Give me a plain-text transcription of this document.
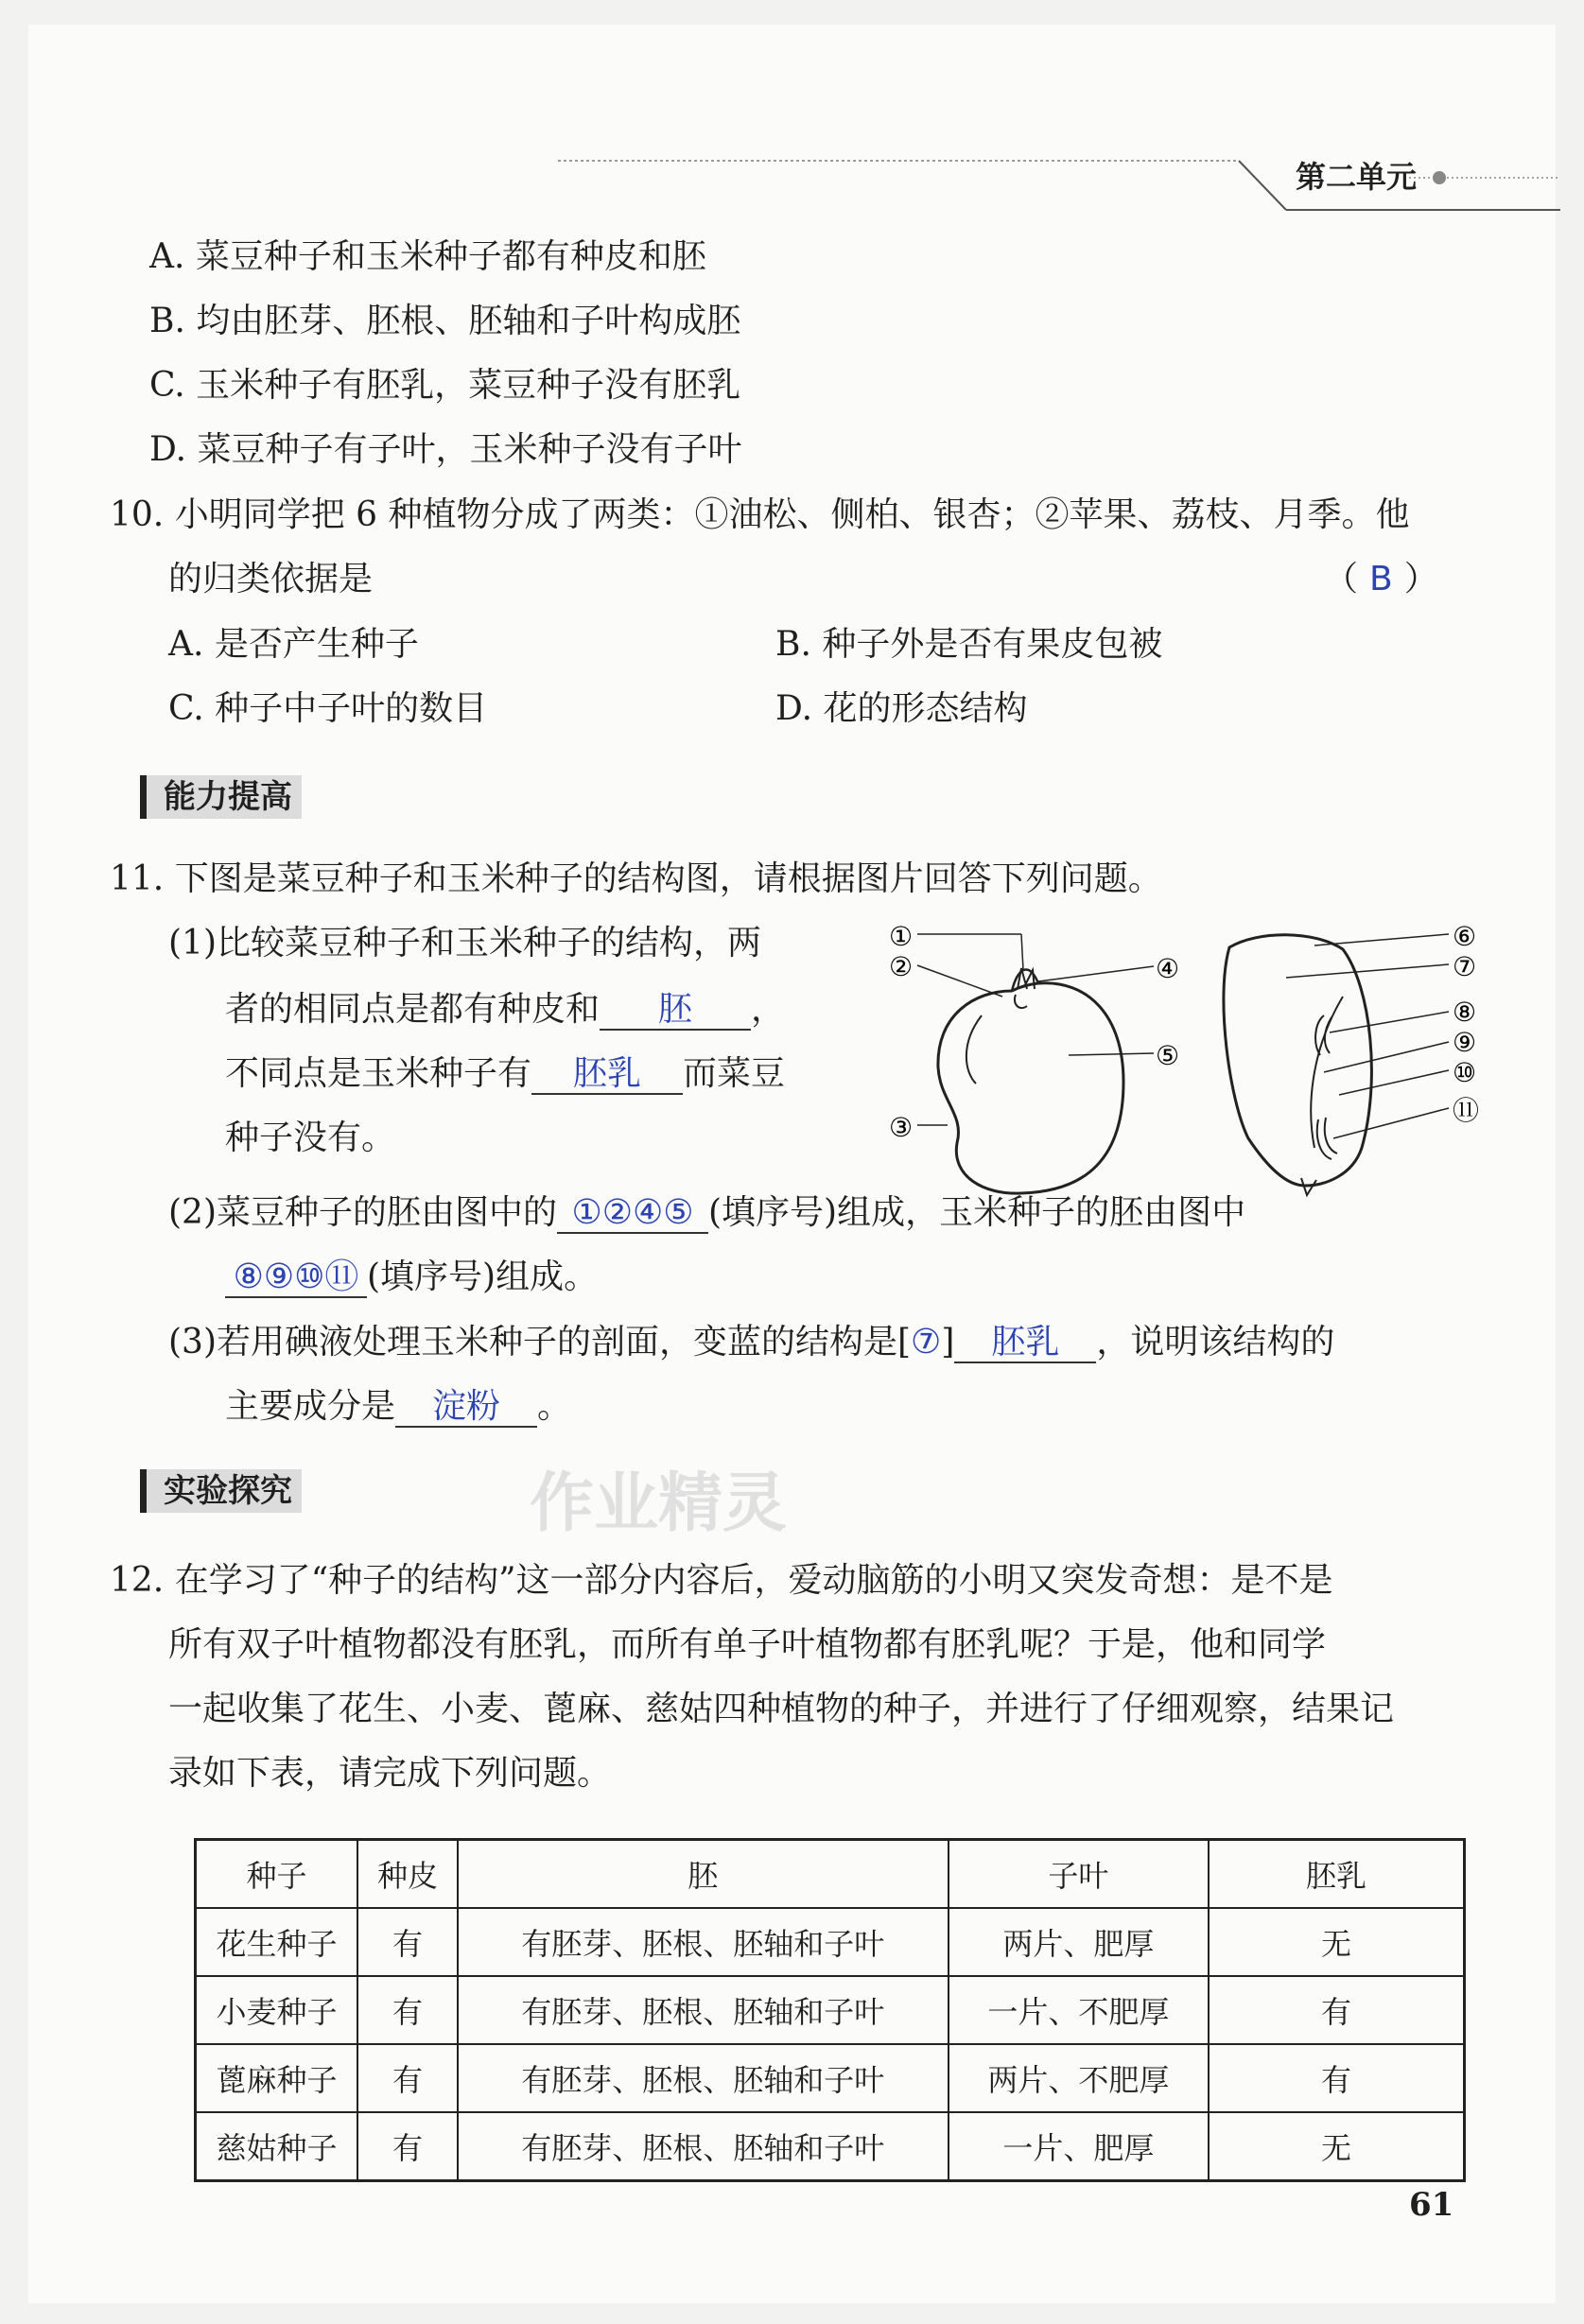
第二单元
A. 菜豆种子和玉米种子都有种皮和胚
B. 均由胚芽、胚根、胚轴和子叶构成胚
C. 玉米种子有胚乳，菜豆种子没有胚乳
D. 菜豆种子有子叶，玉米种子没有子叶
10. 小明同学把 6 种植物分成了两类：①油松、侧柏、银杏；②苹果、荔枝、月季。他
的归类依据是	（ B ）
A. 是否产生种子	B. 种子外是否有果皮包被
C. 种子中子叶的数目	D. 花的形态结构
能力提高
11. 下图是菜豆种子和玉米种子的结构图，请根据图片回答下列问题。
(1)比较菜豆种子和玉米种子的结构，两
者的相同点是都有种皮和 胚 ，
不同点是玉米种子有 胚乳 而菜豆
种子没有。
①
②
③
④
⑤
⑥
⑦
⑧
⑨
⑩
⑪
(2)菜豆种子的胚由图中的 ①②④⑤ (填序号)组成，玉米种子的胚由图中
⑧⑨⑩⑪ (填序号)组成。
(3)若用碘液处理玉米种子的剖面，变蓝的结构是[⑦] 胚乳 ，说明该结构的
主要成分是 淀粉 。
实验探究	作业精灵
12. 在学习了“种子的结构”这一部分内容后，爱动脑筋的小明又突发奇想：是不是
所有双子叶植物都没有胚乳，而所有单子叶植物都有胚乳呢？于是，他和同学
一起收集了花生、小麦、蓖麻、慈姑四种植物的种子，并进行了仔细观察，结果记
录如下表，请完成下列问题。
种子	种皮	胚	子叶	胚乳
花生种子	有	有胚芽、胚根、胚轴和子叶	两片、肥厚	无
小麦种子	有	有胚芽、胚根、胚轴和子叶	一片、不肥厚	有
蓖麻种子	有	有胚芽、胚根、胚轴和子叶	两片、不肥厚	有
慈姑种子	有	有胚芽、胚根、胚轴和子叶	一片、肥厚	无
61
